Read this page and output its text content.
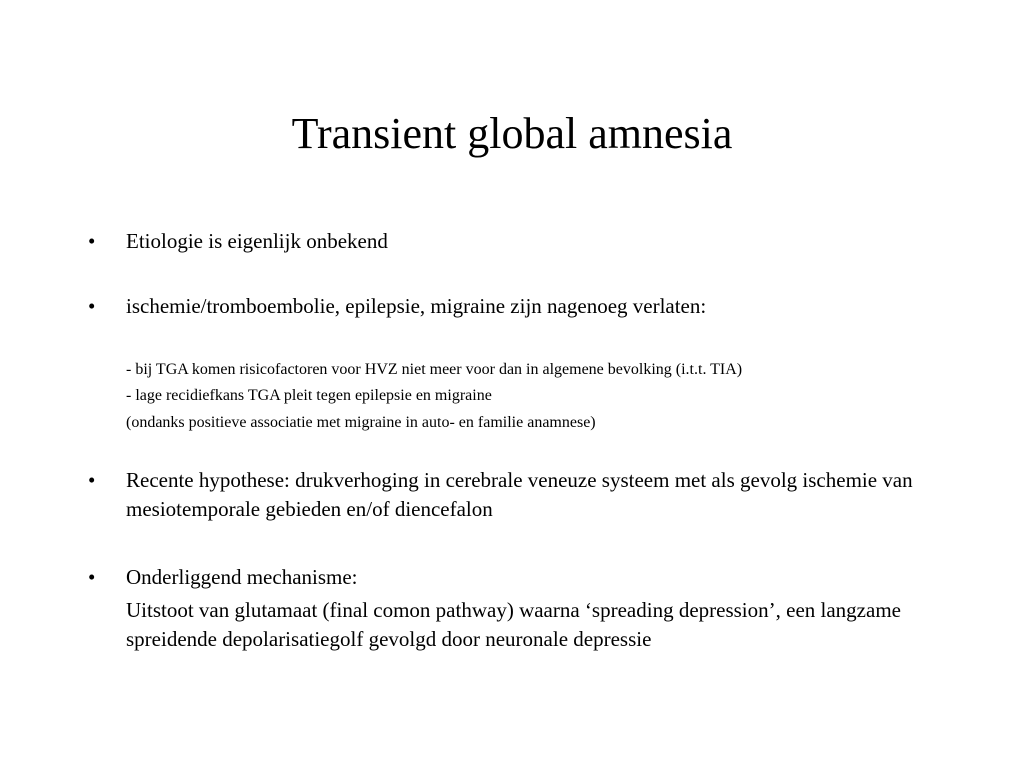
Transient global amnesia
• Etiologie is eigenlijk onbekend

• ischemie/tromboembolie, epilepsie, migraine zijn nagenoeg verlaten:

- bij TGA komen risicofactoren voor HVZ niet meer voor dan in algemene bevolking (i.t.t. TIA)

- lage recidiefkans TGA pleit tegen epilepsie en migraine

(ondanks positieve associatie met migraine in auto- en familie anamnese)

• Recente hypothese: drukverhoging in cerebrale veneuze systeem met als gevolg ischemie van mesiotemporale gebieden en/of diencefalon

• Onderliggend mechanisme:

Uitstoot van glutamaat (final comon pathway) waarna ‘spreading depression’, een langzame spreidende depolarisatiegolf gevolgd door neuronale depressie
